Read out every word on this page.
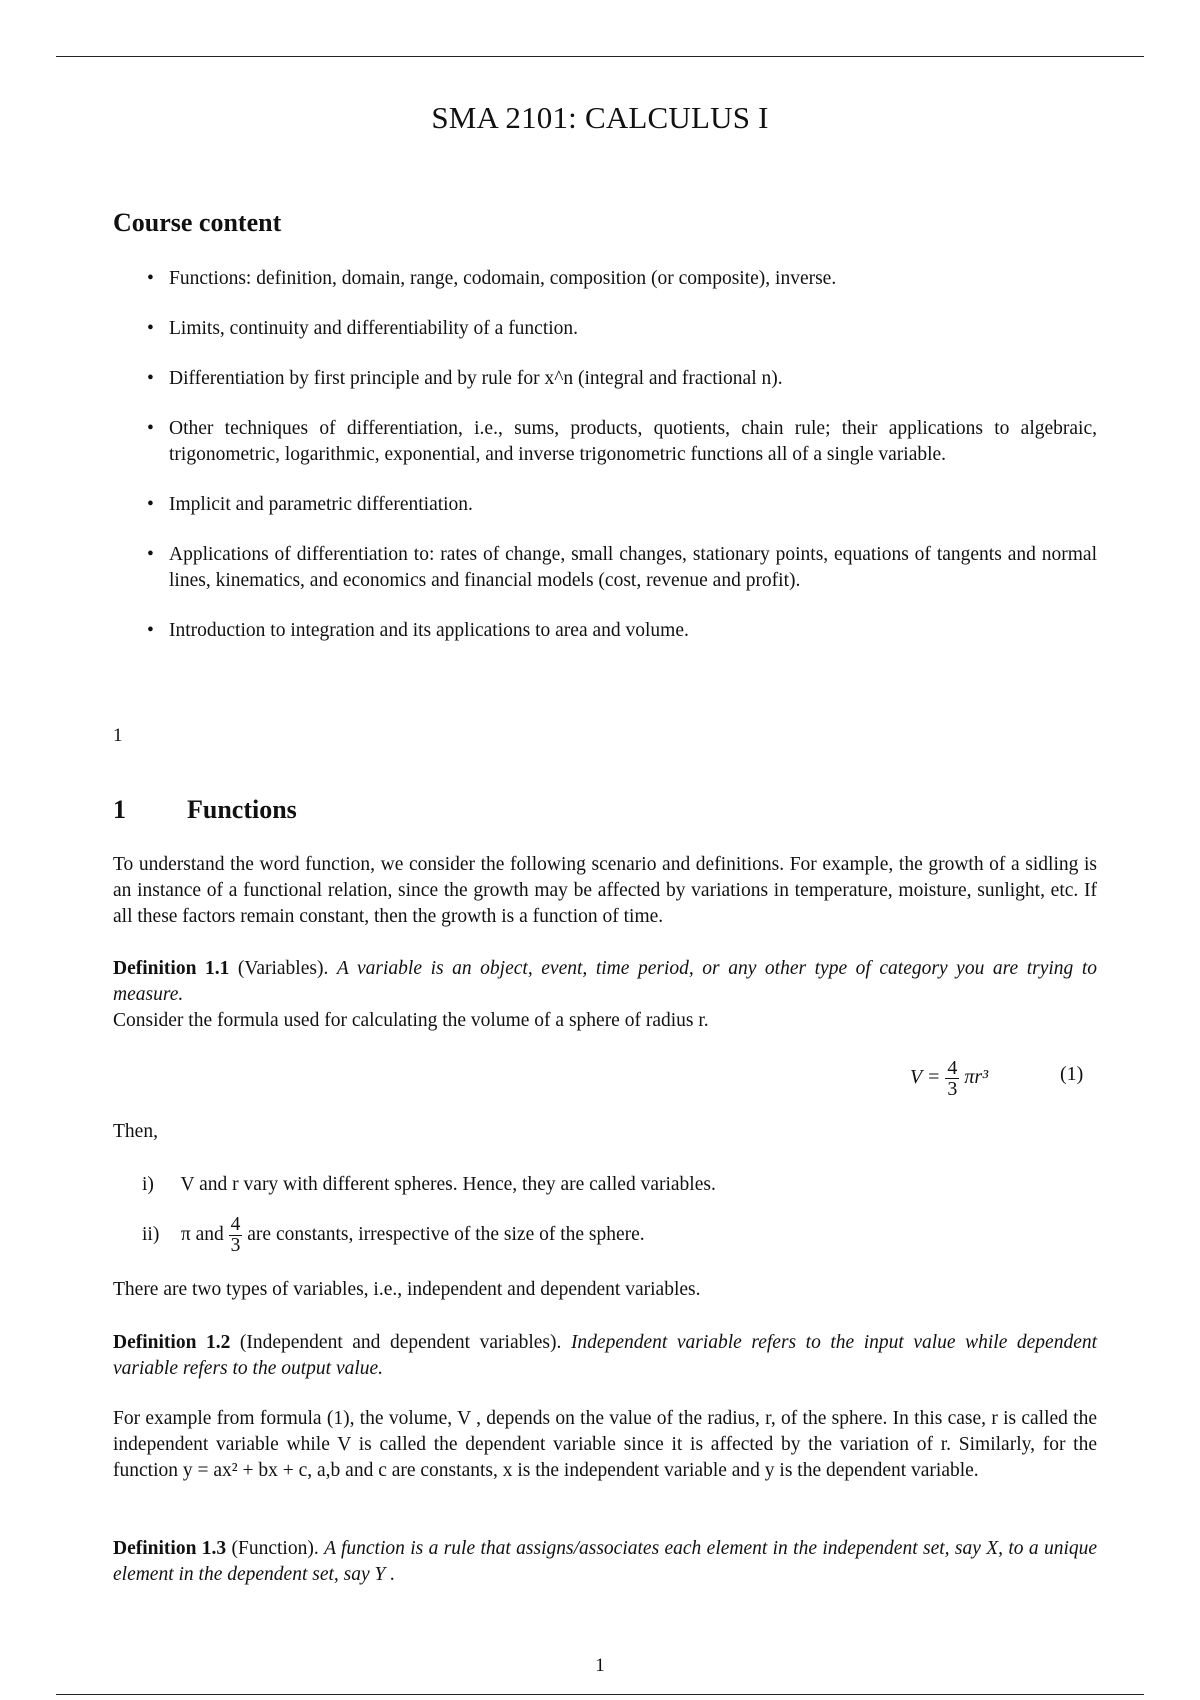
SMA 2101: CALCULUS I
Course content
• Functions: definition, domain, range, codomain, composition (or composite), inverse.
• Limits, continuity and differentiability of a function.
• Differentiation by first principle and by rule for x^n (integral and fractional n).
• Other techniques of differentiation, i.e., sums, products, quotients, chain rule; their applications to algebraic, trigonometric, logarithmic, exponential, and inverse trigonometric functions all of a single variable.
• Implicit and parametric differentiation.
• Applications of differentiation to: rates of change, small changes, stationary points, equations of tangents and normal lines, kinematics, and economics and financial models (cost, revenue and profit).
• Introduction to integration and its applications to area and volume.
1
1 Functions
To understand the word function, we consider the following scenario and definitions. For example, the growth of a sidling is an instance of a functional relation, since the growth may be affected by variations in temperature, moisture, sunlight, etc. If all these factors remain constant, then the growth is a function of time.
Definition 1.1 (Variables). A variable is an object, event, time period, or any other type of category you are trying to measure.
Consider the formula used for calculating the volume of a sphere of radius r.
$V = \frac{4}{3} \pi r^3$	(1)
Then,
i) V and r vary with different spheres. Hence, they are called variables.
ii) π and $\frac{4}{3}$ are constants, irrespective of the size of the sphere.
There are two types of variables, i.e., independent and dependent variables.
Definition 1.2 (Independent and dependent variables). Independent variable refers to the input value while dependent variable refers to the output value.
For example from formula (1), the volume, V , depends on the value of the radius, r, of the sphere. In this case, r is called the independent variable while V is called the dependent variable since it is affected by the variation of r. Similarly, for the function y = ax² + bx + c, a,b and c are constants, x is the independent variable and y is the dependent variable.
Definition 1.3 (Function). A function is a rule that assigns/associates each element in the independent set, say X, to a unique element in the dependent set, say Y .
1
